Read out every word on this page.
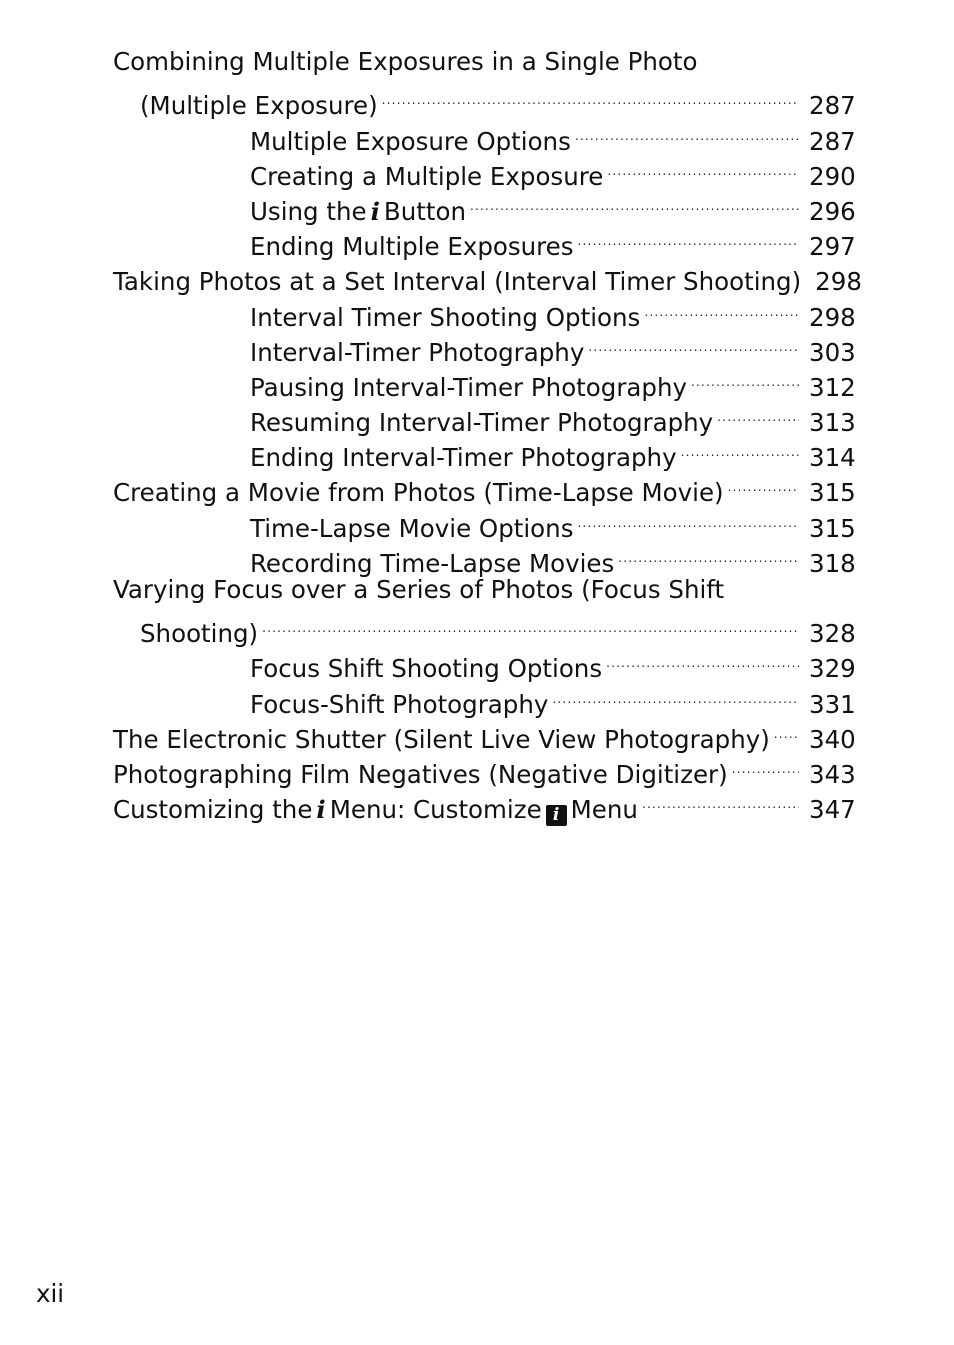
Combining Multiple Exposures in a Single Photo
(Multiple Exposure) .....	287
Multiple Exposure Options .....	287
Creating a Multiple Exposure .....	290
Using the i Button .....	296
Ending Multiple Exposures .....	297
Taking Photos at a Set Interval (Interval Timer Shooting) 298
Interval Timer Shooting Options .....	298
Interval-Timer Photography .....	303
Pausing Interval-Timer Photography .....	312
Resuming Interval-Timer Photography .....	313
Ending Interval-Timer Photography .....	314
Creating a Movie from Photos (Time-Lapse Movie) .....	315
Time-Lapse Movie Options .....	315
Recording Time-Lapse Movies .....	318
Varying Focus over a Series of Photos (Focus Shift
Shooting) .....	328
Focus Shift Shooting Options .....	329
Focus-Shift Photography .....	331
The Electronic Shutter (Silent Live View Photography) ..... 340
Photographing Film Negatives (Negative Digitizer) .....	343
Customizing the i Menu: Customize i Menu .....	347
xii
